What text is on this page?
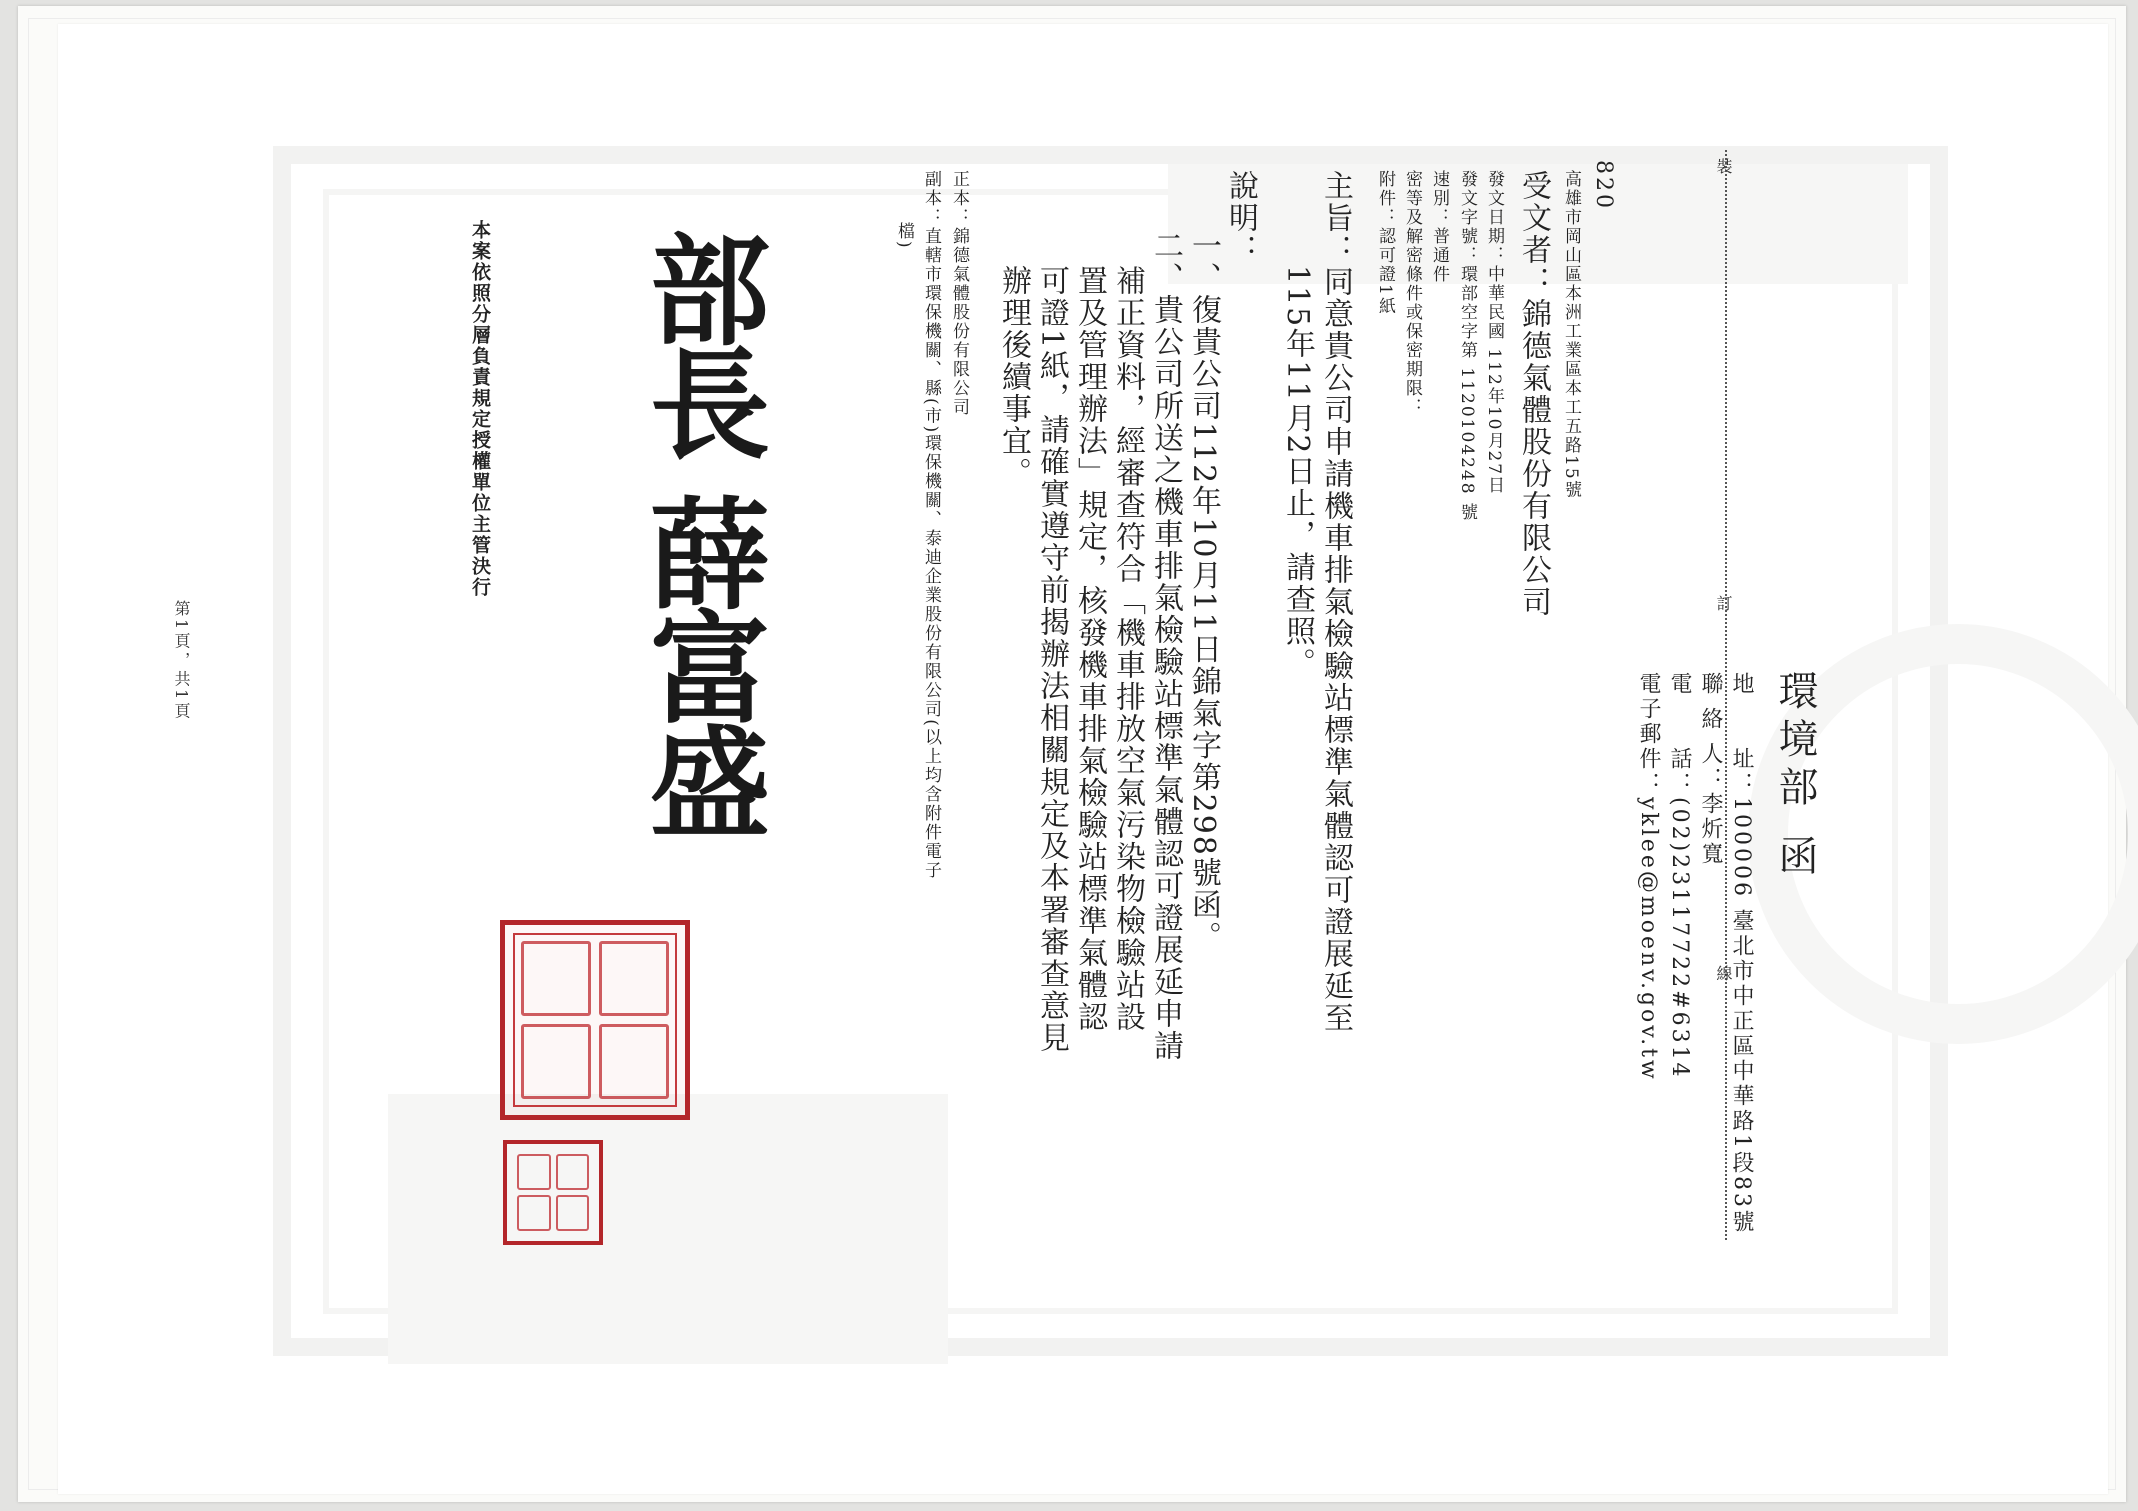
裝
訂
線
環境部 函
地　　址：100006 臺北市中正區中華路1段83號
聯 絡 人：李炘寬
電　　話：(02)23117722#6314
電子郵件：yklee@moenv.gov.tw
820
高雄市岡山區本洲工業區本工五路15號
受文者：錦德氣體股份有限公司
發文日期：中華民國 112年10月27日
發文字號：環部空字第 1120104248 號
速別：普通件
密等及解密條件或保密期限：
附件：認可證1紙
主旨：同意貴公司申請機車排氣檢驗站標準氣體認可證展延至
115年11月2日止，請查照。
說明：
一、復貴公司112年10月11日錦氣字第298號函。
二、貴公司所送之機車排氣檢驗站標準氣體認可證展延申請
補正資料，經審查符合「機車排放空氣污染物檢驗站設
置及管理辦法」規定，核發機車排氣檢驗站標準氣體認
可證1紙，請確實遵守前揭辦法相關規定及本署審查意見
辦理後續事宜。
正本：錦德氣體股份有限公司
副本：直轄市環保機關、縣(市)環保機關、泰迪企業股份有限公司(以上均含附件電子
檔)
本案依照分層負責規定授權單位主管決行	部長 薛富盛
第1頁，共1頁
